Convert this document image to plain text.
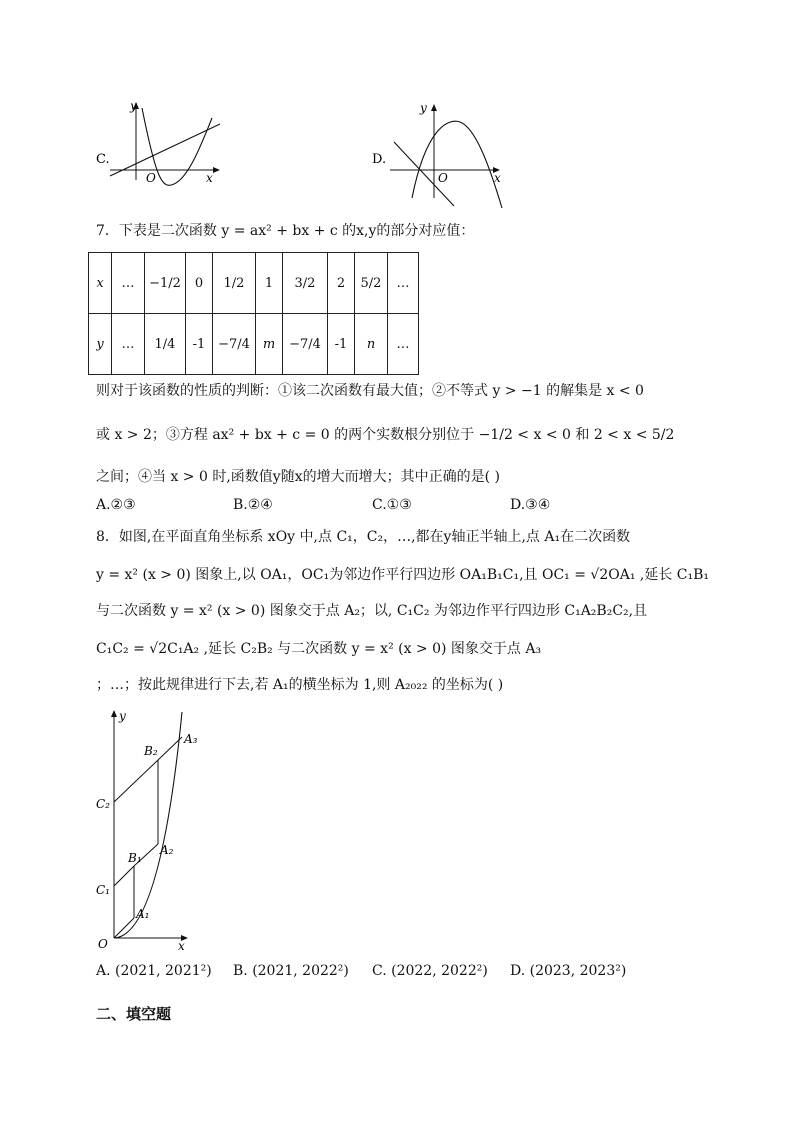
C.
y
x
O
D.
y
x
O
7．下表是二次函数 y = ax² + bx + c 的x,y的部分对应值：
x	…	−1/2	0	1/2	1	3/2	2	5/2	…
y	…	1/4	-1	−7/4	m	−7/4	-1	n	…
则对于该函数的性质的判断：①该二次函数有最大值；②不等式 y > −1 的解集是 x < 0
或 x > 2；③方程 ax² + bx + c = 0 的两个实数根分别位于 −1/2 < x < 0 和 2 < x < 5/2
之间；④当 x > 0 时,函数值y随x的增大而增大；其中正确的是( )
A.②③	B.②④	C.①③	D.③④
8．如图,在平面直角坐标系 xOy 中,点 C₁，C₂，…,都在y轴正半轴上,点 A₁在二次函数
y = x² (x > 0) 图象上,以 OA₁，OC₁为邻边作平行四边形 OA₁B₁C₁,且 OC₁ = √2OA₁ ,延长 C₁B₁
与二次函数 y = x² (x > 0) 图象交于点 A₂；以, C₁C₂ 为邻边作平行四边形 C₁A₂B₂C₂,且
C₁C₂ = √2C₁A₂ ,延长 C₂B₂ 与二次函数 y = x² (x > 0) 图象交于点 A₃
；…；按此规律进行下去,若 A₁的横坐标为 1,则 A₂₀₂₂ 的坐标为( )
y
x
O
C₂
C₁
B₂
B₁
A₁
A₂
A₃
A. (2021, 2021²) B. (2021, 2022²) C. (2022, 2022²) D. (2023, 2023²)
二、填空题
